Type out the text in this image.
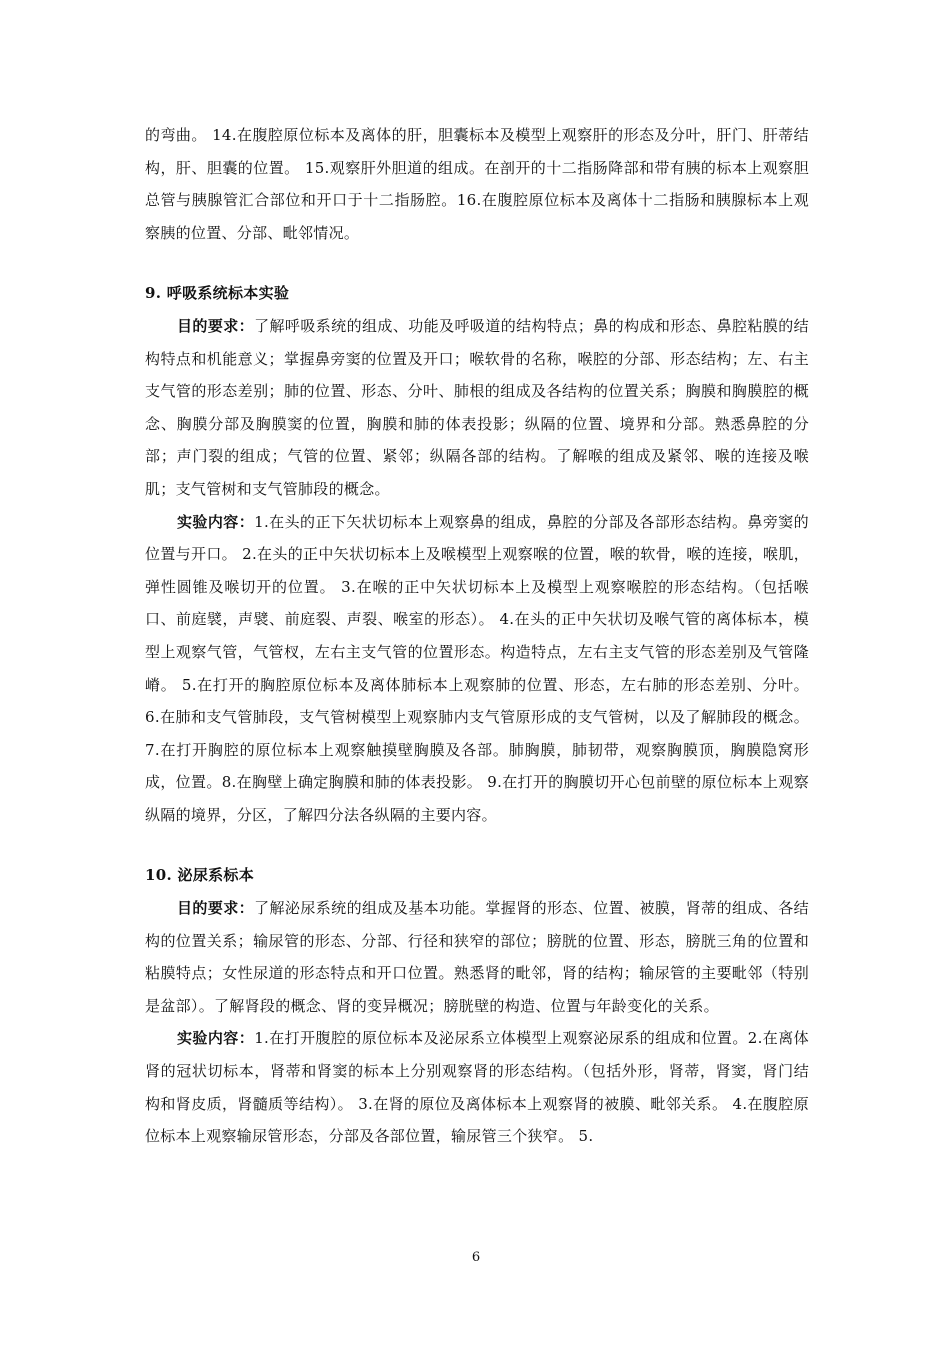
的弯曲。 14.在腹腔原位标本及离体的肝，胆囊标本及模型上观察肝的形态及分叶，肝门、肝蒂结构，肝、胆囊的位置。 15.观察肝外胆道的组成。在剖开的十二指肠降部和带有胰的标本上观察胆总管与胰腺管汇合部位和开口于十二指肠腔。16.在腹腔原位标本及离体十二指肠和胰腺标本上观察胰的位置、分部、毗邻情况。

9. 呼吸系统标本实验

目的要求：了解呼吸系统的组成、功能及呼吸道的结构特点；鼻的构成和形态、鼻腔粘膜的结构特点和机能意义；掌握鼻旁窦的位置及开口；喉软骨的名称，喉腔的分部、形态结构；左、右主支气管的形态差别；肺的位置、形态、分叶、肺根的组成及各结构的位置关系；胸膜和胸膜腔的概念、胸膜分部及胸膜窦的位置，胸膜和肺的体表投影；纵隔的位置、境界和分部。熟悉鼻腔的分部；声门裂的组成；气管的位置、紧邻；纵隔各部的结构。了解喉的组成及紧邻、喉的连接及喉肌；支气管树和支气管肺段的概念。

实验内容：1.在头的正下矢状切标本上观察鼻的组成，鼻腔的分部及各部形态结构。鼻旁窦的位置与开口。 2.在头的正中矢状切标本上及喉模型上观察喉的位置，喉的软骨，喉的连接，喉肌，弹性圆锥及喉切开的位置。 3.在喉的正中矢状切标本上及模型上观察喉腔的形态结构。（包括喉口、前庭襞，声襞、前庭裂、声裂、喉室的形态）。 4.在头的正中矢状切及喉气管的离体标本，模型上观察气管，气管杈，左右主支气管的位置形态。构造特点，左右主支气管的形态差别及气管隆嵴。 5.在打开的胸腔原位标本及离体肺标本上观察肺的位置、形态，左右肺的形态差别、分叶。 6.在肺和支气管肺段，支气管树模型上观察肺内支气管原形成的支气管树，以及了解肺段的概念。 7.在打开胸腔的原位标本上观察触摸壁胸膜及各部。肺胸膜，肺韧带，观察胸膜顶，胸膜隐窝形成，位置。8.在胸壁上确定胸膜和肺的体表投影。 9.在打开的胸膜切开心包前壁的原位标本上观察纵隔的境界，分区，了解四分法各纵隔的主要内容。

10. 泌尿系标本

目的要求：了解泌尿系统的组成及基本功能。掌握肾的形态、位置、被膜，肾蒂的组成、各结构的位置关系；输尿管的形态、分部、行径和狭窄的部位；膀胱的位置、形态，膀胱三角的位置和粘膜特点；女性尿道的形态特点和开口位置。熟悉肾的毗邻，肾的结构；输尿管的主要毗邻（特别是盆部）。了解肾段的概念、肾的变异概况；膀胱壁的构造、位置与年龄变化的关系。

实验内容：1.在打开腹腔的原位标本及泌尿系立体模型上观察泌尿系的组成和位置。2.在离体肾的冠状切标本，肾蒂和肾窦的标本上分别观察肾的形态结构。（包括外形，肾蒂，肾窦，肾门结构和肾皮质，肾髓质等结构）。 3.在肾的原位及离体标本上观察肾的被膜、毗邻关系。 4.在腹腔原位标本上观察输尿管形态，分部及各部位置，输尿管三个狭窄。 5.

6
